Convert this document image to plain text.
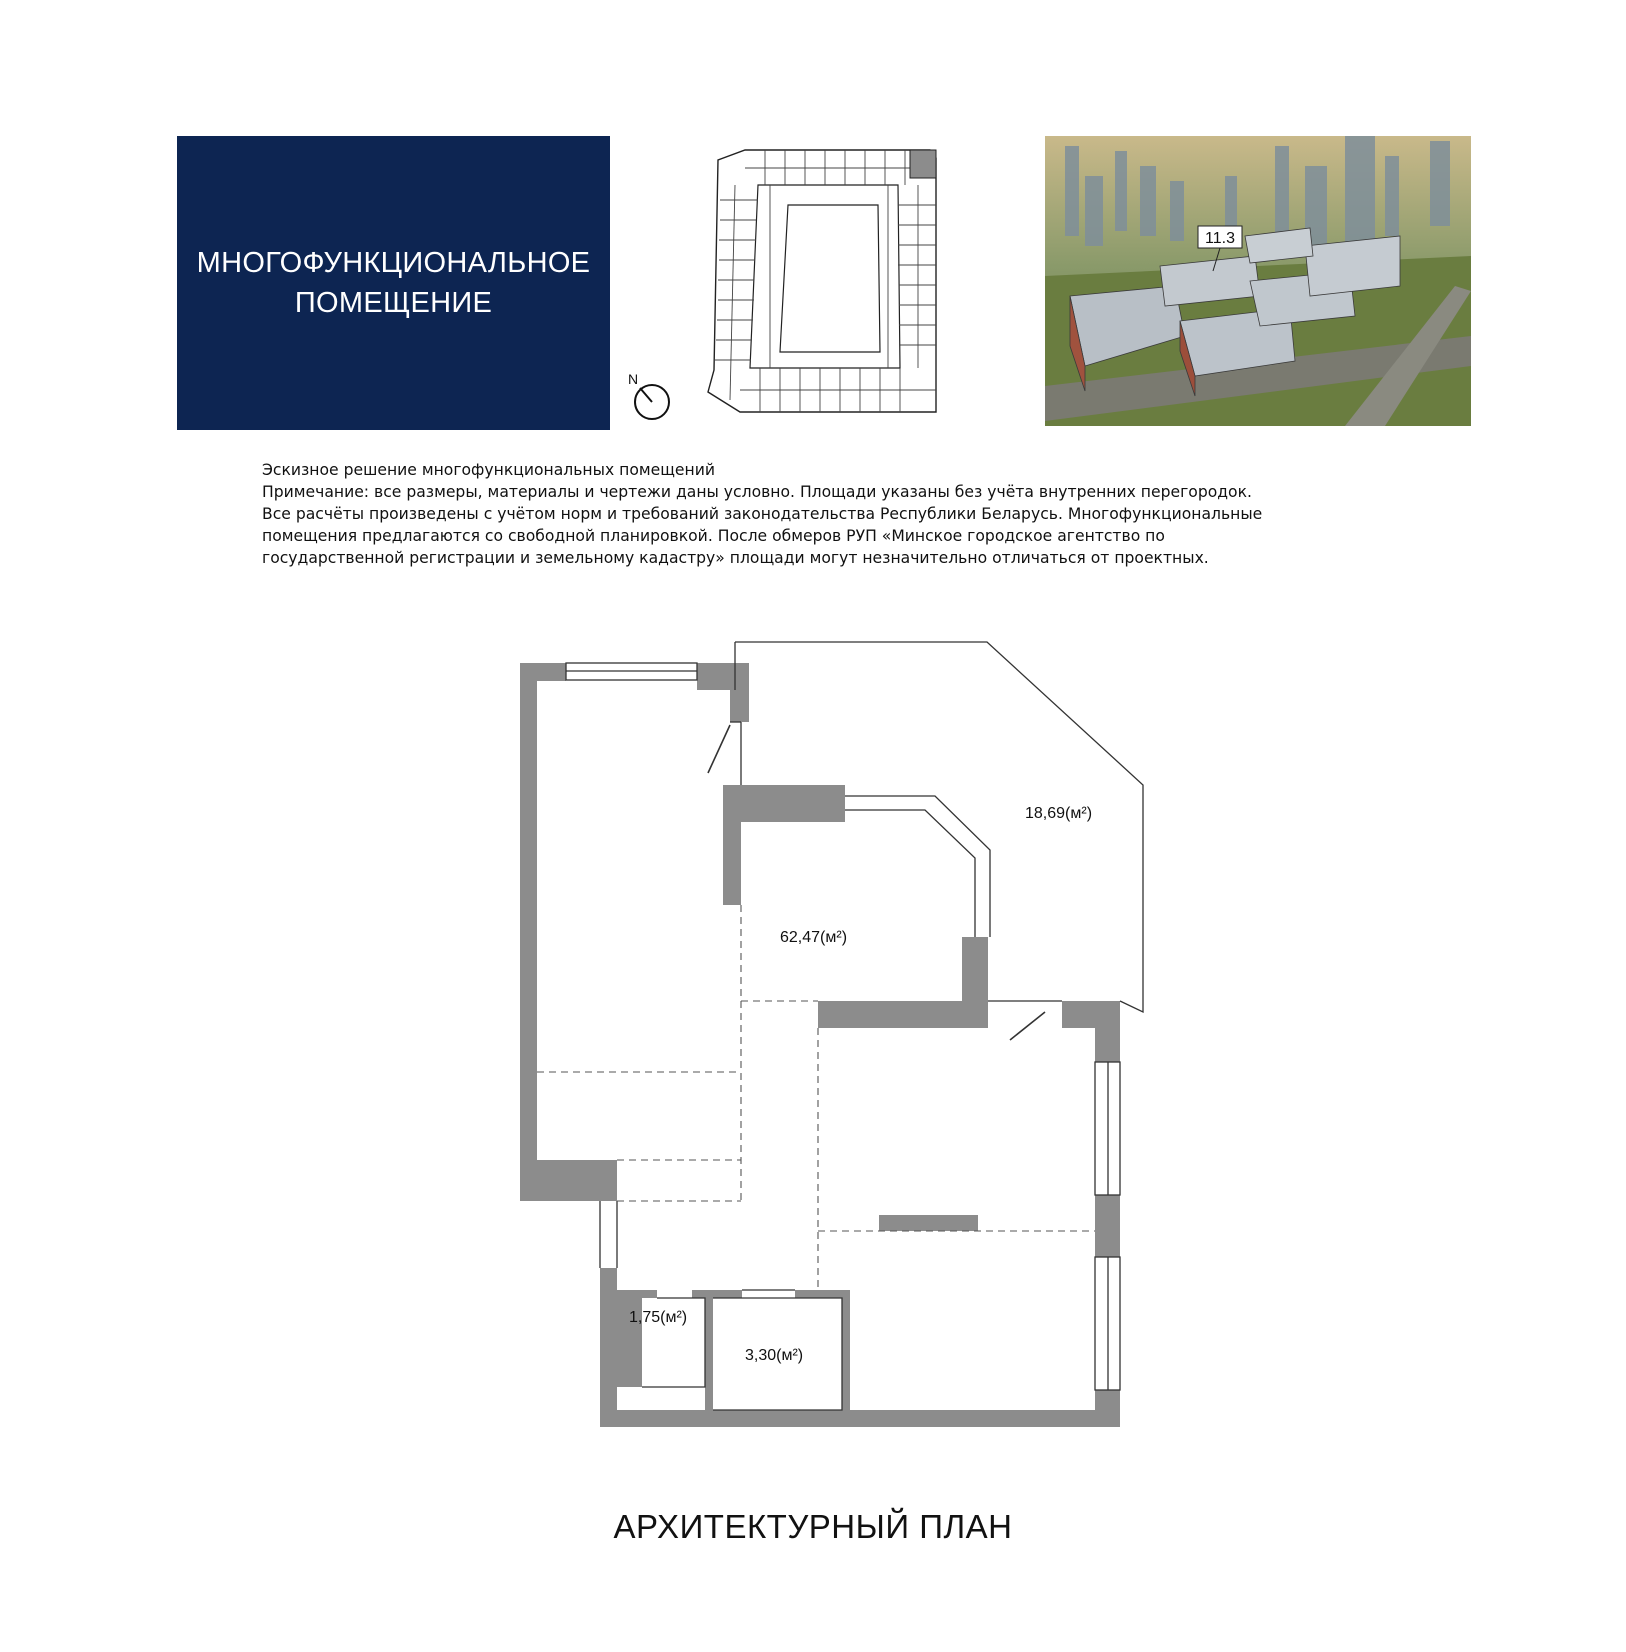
МНОГОФУНКЦИОНАЛЬНОЕ
ПОМЕЩЕНИЕ
N
11.3
Эскизное решение многофункциональных помещений
Примечание: все размеры, материалы и чертежи даны условно. Площади указаны без учёта внутренних перегородок.
Все расчёты произведены с учётом норм и требований законодательства Республики Беларусь. Многофункциональные
помещения предлагаются со свободной планировкой. После обмеров РУП «Минское городское агентство по
государственной регистрации и земельному кадастру» площади могут незначительно отличаться от проектных.
18,69(м²)
62,47(м²)
1,75(м²)
3,30(м²)
АРХИТЕКТУРНЫЙ ПЛАН
